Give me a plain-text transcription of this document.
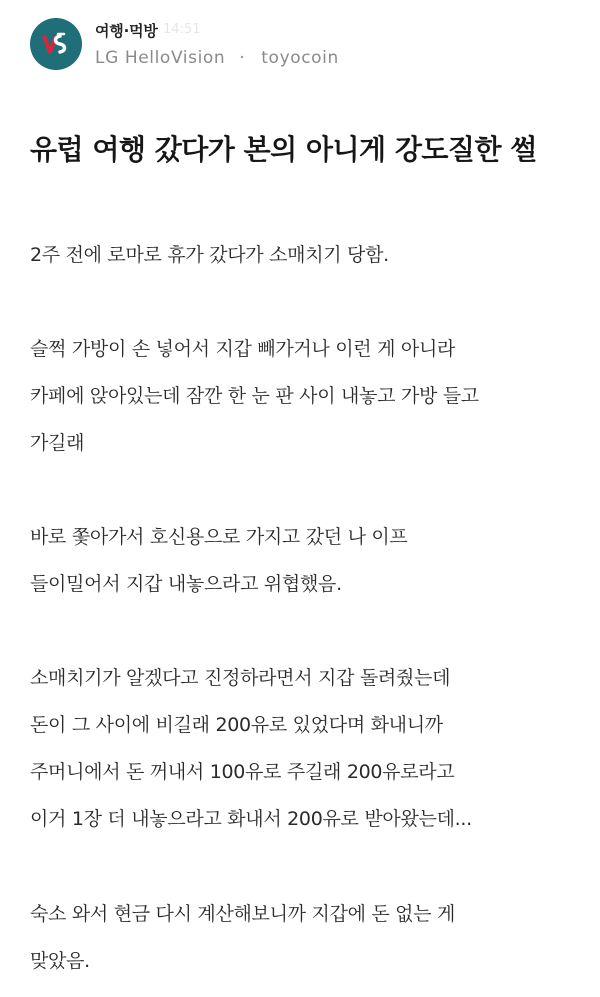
여행·먹방 14:51
LG HelloVision · toyocoin
유럽 여행 갔다가 본의 아니게 강도질한 썰
2주 전에 로마로 휴가 갔다가 소매치기 당함.
슬쩍 가방이 손 넣어서 지갑 빼가거나 이런 게 아니라
카페에 앉아있는데 잠깐 한 눈 판 사이 내놓고 가방 들고
가길래
바로 쫓아가서 호신용으로 가지고 갔던 나 이프
들이밀어서 지갑 내놓으라고 위협했음.
소매치기가 알겠다고 진정하라면서 지갑 돌려줬는데
돈이 그 사이에 비길래 200유로 있었다며 화내니까
주머니에서 돈 꺼내서 100유로 주길래 200유로라고
이거 1장 더 내놓으라고 화내서 200유로 받아왔는데...
숙소 와서 현금 다시 계산해보니까 지갑에 돈 없는 게
맞았음.
